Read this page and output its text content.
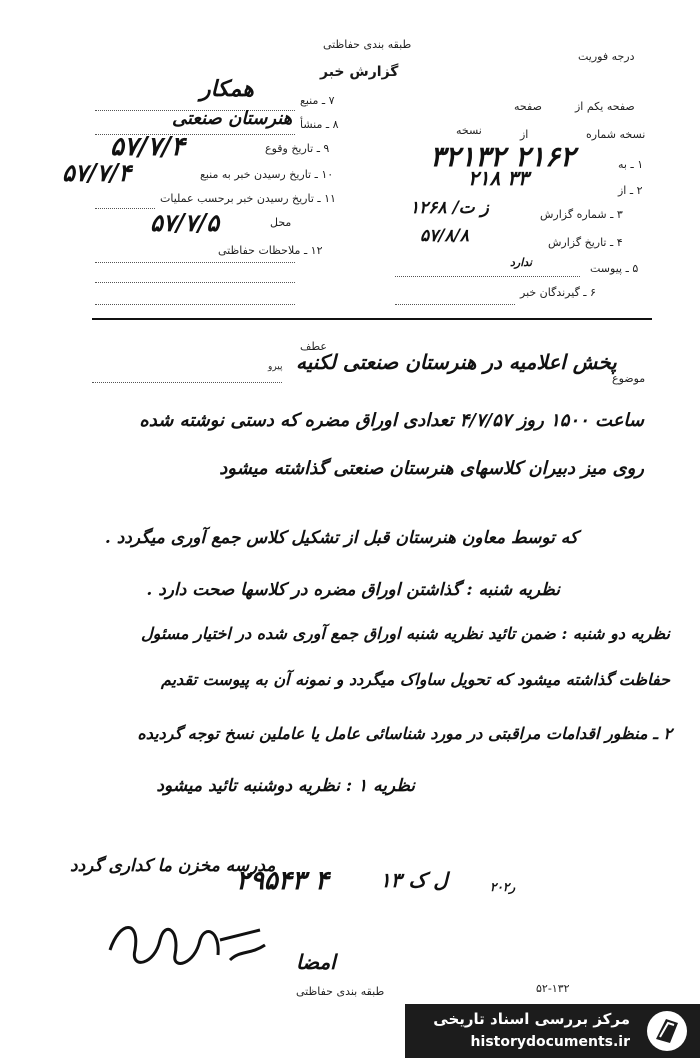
طبقه بندی حفاظتی
گزارش خبر
درجه فوریت
۷ ـ منبع
همکار
۸ ـ منشأ
هنرستان صنعتی
۹ ـ تاریخ وقوع
۵۷/۷/۴
۱۰ ـ تاریخ رسیدن خبر به منبع
۵۷/۷/۴
۱۱ ـ تاریخ رسیدن خبر برحسب عملیات
محل
۵۷/۷/۵
۱۲ ـ ملاحظات حفاظتی
صفحه یکم از
صفحه
نسخه	از	نسخه شماره
۱ ـ به
۳۲۱۳۲ ۲۱۶۲
۲ ـ از
۲۱۸ ۳۳
۳ ـ شماره گزارش
۱۲۶۸ /ز ت
۴ ـ تاریخ گزارش
۵۷/۸/۸
۵ ـ پیوست
ندارد
۶ ـ گیرندگان خبر
موضوع
پخش اعلامیه در هنرستان صنعتی لکنیه
عطف
پیرو
ساعت ۱۵۰۰ روز ۴/۷/۵۷ تعدادی اوراق مضره که دستی نوشته شده
روی میز دبیران کلاسهای هنرستان صنعتی گذاشته میشود
که توسط معاون هنرستان قبل از تشکیل کلاس جمع آوری میگردد .
نظریه شنبه : گذاشتن اوراق مضره در کلاسها صحت دارد .
نظریه دو شنبه : ضمن تائید نظریه شنبه اوراق جمع آوری شده در اختیار مسئول
حفاظت گذاشته میشود که تحویل ساواک میگردد و نمونه آن به پیوست تقدیم
۲ ـ منظور اقدامات مراقبتی در مورد شناسائی عامل یا عاملین نسخ توجه گردیده
نظریه ۱ : نظریه دوشنبه تائید میشود
۲۰ر۲
ل ک ۱۳
۲۹۵۴۳ ۴
مدرسه مخزن ما کداری گردد
امضا
طبقه بندی حفاظتی	۵۲-۱۳۲
مرکز بررسی اسناد تاریخی
historydocuments.ir
